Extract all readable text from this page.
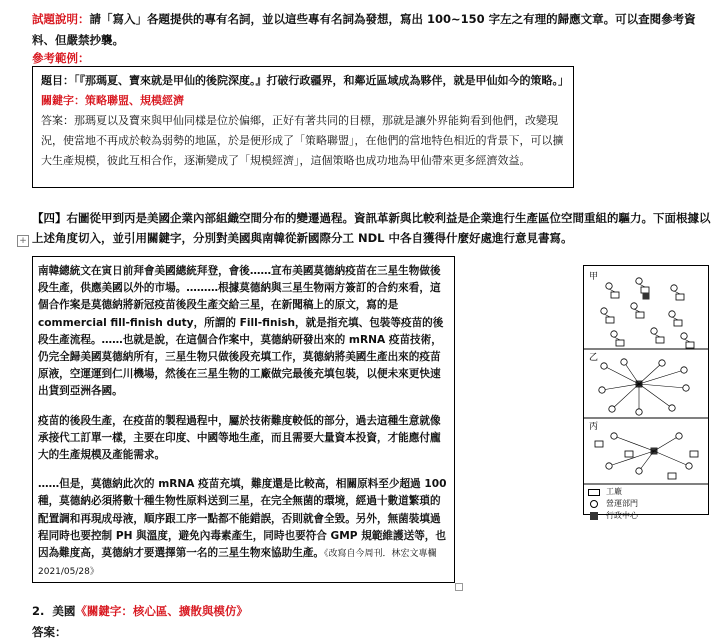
試題說明：請「寫入」各題提供的專有名詞，並以這些專有名詞為發想，寫出 100~150 字左之有理的歸應文章。可以查閱參考資料、但嚴禁抄襲。
參考範例：

題目：「『那瑪夏、寶來就是甲仙的後院深度。』打破行政疆界，和鄰近區域成為夥伴，就是甲仙如今的策略。」

關鍵字：策略聯盟、規模經濟

答案：那瑪夏以及寶來與甲仙同樣是位於偏鄉，正好有著共同的目標，那就是讓外界能夠看到他們，改變現況，使當地不再成於較為弱勢的地區，於是便形成了「策略聯盟」，在他們的當地特色相近的背景下，可以擴大生產規模，彼此互相合作，逐漸變成了「規模經濟」，這個策略也成功地為甲仙帶來更多經濟效益。

【四】右圖從甲到丙是美國企業內部組織空間分布的變遷過程。資訊革新與比較利益是企業進行生產區位空間重組的驅力。下面根據以上述角度切入，並引用關鍵字，分別對美國與南韓從新國際分工 NDL 中各自獲得什麼好處進行意見書寫。
+

南韓總統文在寅日前拜會美國總統拜登，會後……宣布美國莫德納疫苗在三星生物做後段生產，供應美國以外的市場。………根據莫德納與三星生物兩方簽訂的合約來看，這個合作案是莫德納將新冠疫苗後段生產交給三星，在新聞稿上的原文，寫的是 commercial fill-finish duty，所謂的 Fill-finish，就是指充填、包裝等疫苗的後段生產流程。……也就是說，在這個合作案中，莫德納研發出來的 mRNA 疫苗技術，仍完全歸美國莫德納所有，三星生物只做後段充填工作，莫德納將美國生產出來的疫苗原液，空運運到仁川機場，然後在三星生物的工廠做完最後充填包裝，以便未來更快速出貨到亞洲各國。

疫苗的後段生產，在疫苗的製程過程中，屬於技術難度較低的部分，過去這種生意就像承接代工訂單一樣，主要在印度、中國等地生產，而且需要大量資本投資，才能應付龐大的生產規模及產能需求。

……但是，莫德納此次的 mRNA 疫苗充填，難度還是比較高，相關原料至少超過 100 種，莫德納必須將數十種生物性原料送到三星，在完全無菌的環境，經過十數道繁瑣的配置調和再現成母液，順序跟工序一點都不能錯誤，否則就會全毀。另外，無菌裝填過程同時也要控制 PH 與溫度，避免內毒素產生，同時也要符合 GMP 規範維護送等，也因為難度高，莫德納才要選擇第一名的三星生物來協助生產。《改寫自今周刊．林宏文專欄 2021/05/28》

甲
乙
丙
工廠
營運部門
行政中心
2. 美國《關鍵字：核心區、擴散與模仿》
答案：
